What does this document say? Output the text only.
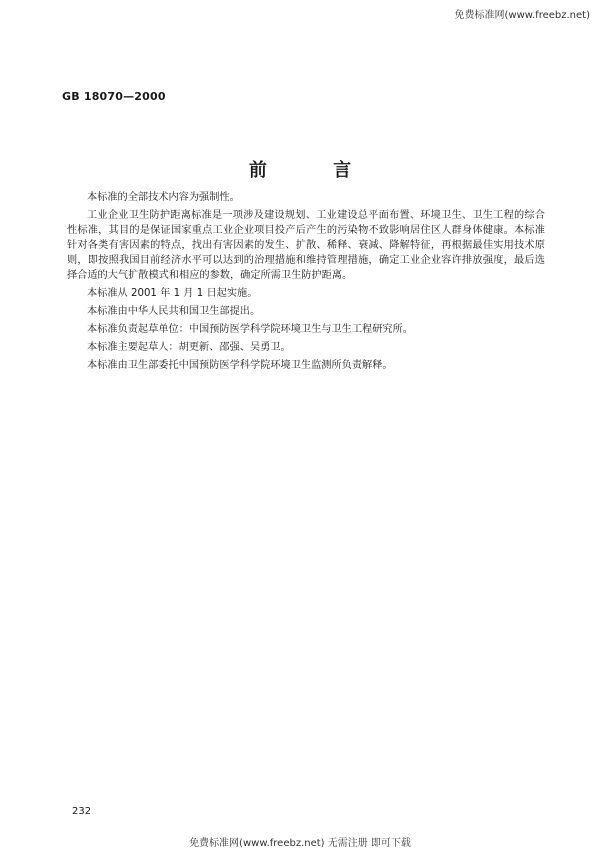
免费标准网(www.freebz.net)
GB 18070—2000
前 言

本标准的全部技术内容为强制性。

工业企业卫生防护距离标准是一项涉及建设规划、工业建设总平面布置、环境卫生、卫生工程的综合性标准，其目的是保证国家重点工业企业项目投产后产生的污染物不致影响居住区人群身体健康。本标准针对各类有害因素的特点，找出有害因素的发生、扩散、稀释、衰减、降解特征，再根据最佳实用技术原则，即按照我国目前经济水平可以达到的治理措施和维持管理措施，确定工业企业容许排放强度，最后选择合适的大气扩散模式和相应的参数，确定所需卫生防护距离。

本标准从 2001 年 1 月 1 日起实施。

本标准由中华人民共和国卫生部提出。

本标准负责起草单位：中国预防医学科学院环境卫生与卫生工程研究所。

本标准主要起草人：胡更新、邵强、吴勇卫。

本标准由卫生部委托中国预防医学科学院环境卫生监测所负责解释。

232
免费标准网(www.freebz.net) 无需注册 即可下载
